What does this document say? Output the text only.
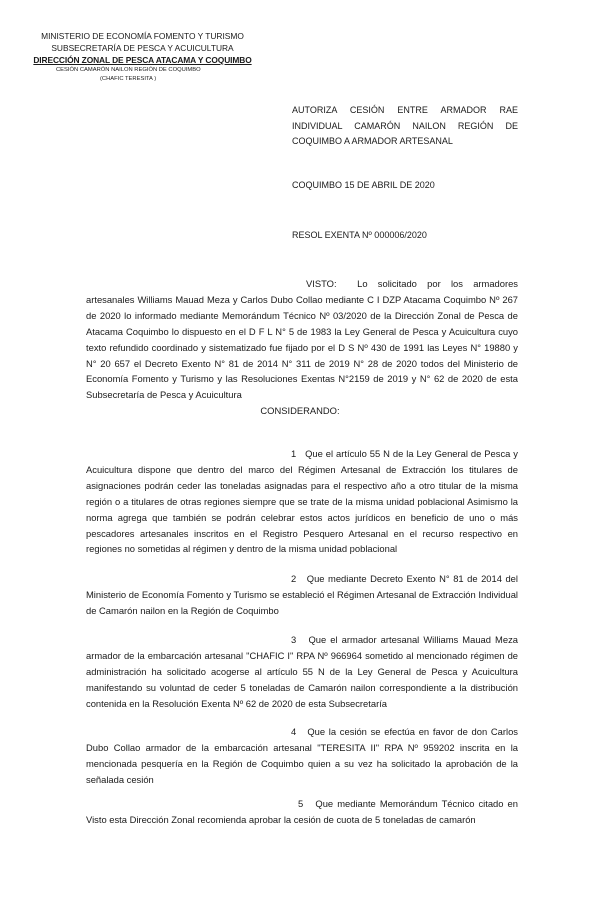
MINISTERIO DE ECONOMÍA FOMENTO Y TURISMO
SUBSECRETARÍA DE PESCA Y ACUICULTURA
DIRECCIÓN ZONAL DE PESCA ATACAMA Y COQUIMBO
CESIÓN CAMARÓN NAILON REGIÓN DE COQUIMBO
(CHAFIC TERESITA )
AUTORIZA CESIÓN ENTRE ARMADOR RAE INDIVIDUAL CAMARÓN NAILON REGIÓN DE COQUIMBO A ARMADOR ARTESANAL
COQUIMBO 15 DE ABRIL DE 2020
RESOL EXENTA Nº 000006/2020

VISTO: Lo solicitado por los armadores artesanales Williams Mauad Meza y Carlos Dubo Collao mediante C I DZP Atacama Coquimbo Nº 267 de 2020 lo informado mediante Memorándum Técnico Nº 03/2020 de la Dirección Zonal de Pesca de Atacama Coquimbo lo dispuesto en el D F L N° 5 de 1983 la Ley General de Pesca y Acuicultura cuyo texto refundido coordinado y sistematizado fue fijado por el D S Nº 430 de 1991 las Leyes N° 19880 y N° 20 657 el Decreto Exento N° 81 de 2014 N° 311 de 2019 N° 28 de 2020 todos del Ministerio de Economía Fomento y Turismo y las Resoluciones Exentas N°2159 de 2019 y N° 62 de 2020 de esta Subsecretaría de Pesca y Acuicultura

CONSIDERANDO:

1 Que el artículo 55 N de la Ley General de Pesca y Acuicultura dispone que dentro del marco del Régimen Artesanal de Extracción los titulares de asignaciones podrán ceder las toneladas asignadas para el respectivo año a otro titular de la misma región o a titulares de otras regiones siempre que se trate de la misma unidad poblacional Asimismo la norma agrega que también se podrán celebrar estos actos jurídicos en beneficio de uno o más pescadores artesanales inscritos en el Registro Pesquero Artesanal en el recurso respectivo en regiones no sometidas al régimen y dentro de la misma unidad poblacional

2 Que mediante Decreto Exento N° 81 de 2014 del Ministerio de Economía Fomento y Turismo se estableció el Régimen Artesanal de Extracción Individual de Camarón nailon en la Región de Coquimbo

3 Que el armador artesanal Williams Mauad Meza armador de la embarcación artesanal "CHAFIC I" RPA Nº 966964 sometido al mencionado régimen de administración ha solicitado acogerse al artículo 55 N de la Ley General de Pesca y Acuicultura manifestando su voluntad de ceder 5 toneladas de Camarón nailon correspondiente a la distribución contenida en la Resolución Exenta Nº 62 de 2020 de esta Subsecretaría

4 Que la cesión se efectúa en favor de don Carlos Dubo Collao armador de la embarcación artesanal "TERESITA II" RPA Nº 959202 inscrita en la mencionada pesquería en la Región de Coquimbo quien a su vez ha solicitado la aprobación de la señalada cesión

5 Que mediante Memorándum Técnico citado en Visto esta Dirección Zonal recomienda aprobar la cesión de cuota de 5 toneladas de camarón
